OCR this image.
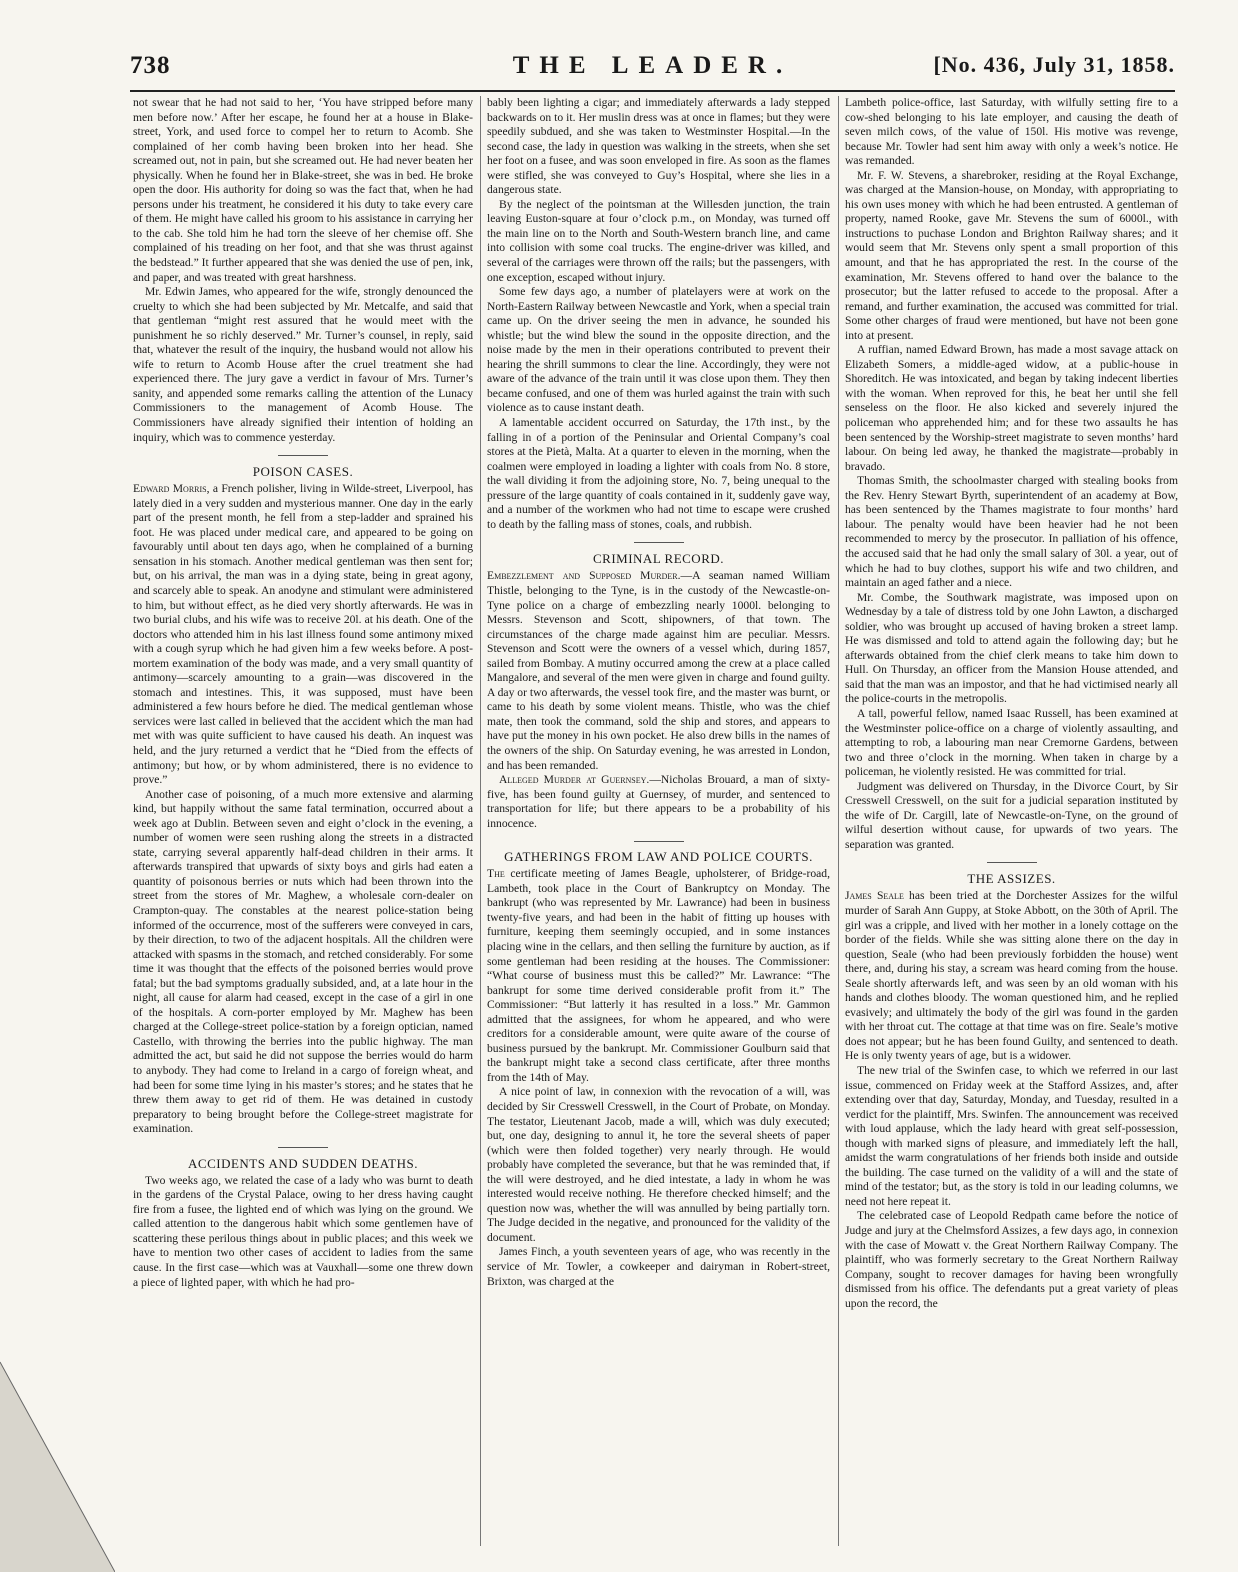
738	THE LEADER.	[No. 436, July 31, 1858.

not swear that he had not said to her, ‘You have stripped before many men before now.’ After her escape, he found her at a house in Blake-street, York, and used force to compel her to return to Acomb. She complained of her comb having been broken into her head. She screamed out, not in pain, but she screamed out. He had never beaten her physically. When he found her in Blake-street, she was in bed. He broke open the door. His authority for doing so was the fact that, when he had persons under his treatment, he considered it his duty to take every care of them. He might have called his groom to his assistance in carrying her to the cab. She told him he had torn the sleeve of her chemise off. She complained of his treading on her foot, and that she was thrust against the bedstead.” It further appeared that she was denied the use of pen, ink, and paper, and was treated with great harshness.

Mr. Edwin James, who appeared for the wife, strongly denounced the cruelty to which she had been subjected by Mr. Metcalfe, and said that that gentleman “might rest assured that he would meet with the punishment he so richly deserved.” Mr. Turner’s counsel, in reply, said that, whatever the result of the inquiry, the husband would not allow his wife to return to Acomb House after the cruel treatment she had experienced there. The jury gave a verdict in favour of Mrs. Turner’s sanity, and appended some remarks calling the attention of the Lunacy Commissioners to the management of Acomb House. The Commissioners have already signified their intention of holding an inquiry, which was to commence yesterday.

POISON CASES.

Edward Morris, a French polisher, living in Wilde-street, Liverpool, has lately died in a very sudden and mysterious manner. One day in the early part of the present month, he fell from a step-ladder and sprained his foot. He was placed under medical care, and appeared to be going on favourably until about ten days ago, when he complained of a burning sensation in his stomach. Another medical gentleman was then sent for; but, on his arrival, the man was in a dying state, being in great agony, and scarcely able to speak. An anodyne and stimulant were administered to him, but without effect, as he died very shortly afterwards. He was in two burial clubs, and his wife was to receive 20l. at his death. One of the doctors who attended him in his last illness found some antimony mixed with a cough syrup which he had given him a few weeks before. A post-mortem examination of the body was made, and a very small quantity of antimony—scarcely amounting to a grain—was discovered in the stomach and intestines. This, it was supposed, must have been administered a few hours before he died. The medical gentleman whose services were last called in believed that the accident which the man had met with was quite sufficient to have caused his death. An inquest was held, and the jury returned a verdict that he “Died from the effects of antimony; but how, or by whom administered, there is no evidence to prove.”

Another case of poisoning, of a much more extensive and alarming kind, but happily without the same fatal termination, occurred about a week ago at Dublin. Between seven and eight o’clock in the evening, a number of women were seen rushing along the streets in a distracted state, carrying several apparently half-dead children in their arms. It afterwards transpired that upwards of sixty boys and girls had eaten a quantity of poisonous berries or nuts which had been thrown into the street from the stores of Mr. Maghew, a wholesale corn-dealer on Crampton-quay. The constables at the nearest police-station being informed of the occurrence, most of the sufferers were conveyed in cars, by their direction, to two of the adjacent hospitals. All the children were attacked with spasms in the stomach, and retched considerably. For some time it was thought that the effects of the poisoned berries would prove fatal; but the bad symptoms gradually subsided, and, at a late hour in the night, all cause for alarm had ceased, except in the case of a girl in one of the hospitals. A corn-porter employed by Mr. Maghew has been charged at the College-street police-station by a foreign optician, named Castello, with throwing the berries into the public highway. The man admitted the act, but said he did not suppose the berries would do harm to anybody. They had come to Ireland in a cargo of foreign wheat, and had been for some time lying in his master’s stores; and he states that he threw them away to get rid of them. He was detained in custody preparatory to being brought before the College-street magistrate for examination.

ACCIDENTS AND SUDDEN DEATHS.

Two weeks ago, we related the case of a lady who was burnt to death in the gardens of the Crystal Palace, owing to her dress having caught fire from a fusee, the lighted end of which was lying on the ground. We called attention to the dangerous habit which some gentlemen have of scattering these perilous things about in public places; and this week we have to mention two other cases of accident to ladies from the same cause. In the first case—which was at Vauxhall—some one threw down a piece of lighted paper, with which he had pro-

bably been lighting a cigar; and immediately afterwards a lady stepped backwards on to it. Her muslin dress was at once in flames; but they were speedily subdued, and she was taken to Westminster Hospital.—In the second case, the lady in question was walking in the streets, when she set her foot on a fusee, and was soon enveloped in fire. As soon as the flames were stifled, she was conveyed to Guy’s Hospital, where she lies in a dangerous state.

By the neglect of the pointsman at the Willesden junction, the train leaving Euston-square at four o’clock p.m., on Monday, was turned off the main line on to the North and South-Western branch line, and came into collision with some coal trucks. The engine-driver was killed, and several of the carriages were thrown off the rails; but the passengers, with one exception, escaped without injury.

Some few days ago, a number of platelayers were at work on the North-Eastern Railway between Newcastle and York, when a special train came up. On the driver seeing the men in advance, he sounded his whistle; but the wind blew the sound in the opposite direction, and the noise made by the men in their operations contributed to prevent their hearing the shrill summons to clear the line. Accordingly, they were not aware of the advance of the train until it was close upon them. They then became confused, and one of them was hurled against the train with such violence as to cause instant death.

A lamentable accident occurred on Saturday, the 17th inst., by the falling in of a portion of the Peninsular and Oriental Company’s coal stores at the Pietà, Malta. At a quarter to eleven in the morning, when the coalmen were employed in loading a lighter with coals from No. 8 store, the wall dividing it from the adjoining store, No. 7, being unequal to the pressure of the large quantity of coals contained in it, suddenly gave way, and a number of the workmen who had not time to escape were crushed to death by the falling mass of stones, coals, and rubbish.

CRIMINAL RECORD.

Embezzlement and Supposed Murder.—A seaman named William Thistle, belonging to the Tyne, is in the custody of the Newcastle-on-Tyne police on a charge of embezzling nearly 1000l. belonging to Messrs. Stevenson and Scott, shipowners, of that town. The circumstances of the charge made against him are peculiar. Messrs. Stevenson and Scott were the owners of a vessel which, during 1857, sailed from Bombay. A mutiny occurred among the crew at a place called Mangalore, and several of the men were given in charge and found guilty. A day or two afterwards, the vessel took fire, and the master was burnt, or came to his death by some violent means. Thistle, who was the chief mate, then took the command, sold the ship and stores, and appears to have put the money in his own pocket. He also drew bills in the names of the owners of the ship. On Saturday evening, he was arrested in London, and has been remanded.

Alleged Murder at Guernsey.—Nicholas Brouard, a man of sixty-five, has been found guilty at Guernsey, of murder, and sentenced to transportation for life; but there appears to be a probability of his innocence.

GATHERINGS FROM LAW AND POLICE COURTS.

The certificate meeting of James Beagle, upholsterer, of Bridge-road, Lambeth, took place in the Court of Bankruptcy on Monday. The bankrupt (who was represented by Mr. Lawrance) had been in business twenty-five years, and had been in the habit of fitting up houses with furniture, keeping them seemingly occupied, and in some instances placing wine in the cellars, and then selling the furniture by auction, as if some gentleman had been residing at the houses. The Commissioner: “What course of business must this be called?” Mr. Lawrance: “The bankrupt for some time derived considerable profit from it.” The Commissioner: “But latterly it has resulted in a loss.” Mr. Gammon admitted that the assignees, for whom he appeared, and who were creditors for a considerable amount, were quite aware of the course of business pursued by the bankrupt. Mr. Commissioner Goulburn said that the bankrupt might take a second class certificate, after three months from the 14th of May.

A nice point of law, in connexion with the revocation of a will, was decided by Sir Cresswell Cresswell, in the Court of Probate, on Monday. The testator, Lieutenant Jacob, made a will, which was duly executed; but, one day, designing to annul it, he tore the several sheets of paper (which were then folded together) very nearly through. He would probably have completed the severance, but that he was reminded that, if the will were destroyed, and he died intestate, a lady in whom he was interested would receive nothing. He therefore checked himself; and the question now was, whether the will was annulled by being partially torn. The Judge decided in the negative, and pronounced for the validity of the document.

James Finch, a youth seventeen years of age, who was recently in the service of Mr. Towler, a cowkeeper and dairyman in Robert-street, Brixton, was charged at the

Lambeth police-office, last Saturday, with wilfully setting fire to a cow-shed belonging to his late employer, and causing the death of seven milch cows, of the value of 150l. His motive was revenge, because Mr. Towler had sent him away with only a week’s notice. He was remanded.

Mr. F. W. Stevens, a sharebroker, residing at the Royal Exchange, was charged at the Mansion-house, on Monday, with appropriating to his own uses money with which he had been entrusted. A gentleman of property, named Rooke, gave Mr. Stevens the sum of 6000l., with instructions to puchase London and Brighton Railway shares; and it would seem that Mr. Stevens only spent a small proportion of this amount, and that he has appropriated the rest. In the course of the examination, Mr. Stevens offered to hand over the balance to the prosecutor; but the latter refused to accede to the proposal. After a remand, and further examination, the accused was committed for trial. Some other charges of fraud were mentioned, but have not been gone into at present.

A ruffian, named Edward Brown, has made a most savage attack on Elizabeth Somers, a middle-aged widow, at a public-house in Shoreditch. He was intoxicated, and began by taking indecent liberties with the woman. When reproved for this, he beat her until she fell senseless on the floor. He also kicked and severely injured the policeman who apprehended him; and for these two assaults he has been sentenced by the Worship-street magistrate to seven months’ hard labour. On being led away, he thanked the magistrate—probably in bravado.

Thomas Smith, the schoolmaster charged with stealing books from the Rev. Henry Stewart Byrth, superintendent of an academy at Bow, has been sentenced by the Thames magistrate to four months’ hard labour. The penalty would have been heavier had he not been recommended to mercy by the prosecutor. In palliation of his offence, the accused said that he had only the small salary of 30l. a year, out of which he had to buy clothes, support his wife and two children, and maintain an aged father and a niece.

Mr. Combe, the Southwark magistrate, was imposed upon on Wednesday by a tale of distress told by one John Lawton, a discharged soldier, who was brought up accused of having broken a street lamp. He was dismissed and told to attend again the following day; but he afterwards obtained from the chief clerk means to take him down to Hull. On Thursday, an officer from the Mansion House attended, and said that the man was an impostor, and that he had victimised nearly all the police-courts in the metropolis.

A tall, powerful fellow, named Isaac Russell, has been examined at the Westminster police-office on a charge of violently assaulting, and attempting to rob, a labouring man near Cremorne Gardens, between two and three o’clock in the morning. When taken in charge by a policeman, he violently resisted. He was committed for trial.

Judgment was delivered on Thursday, in the Divorce Court, by Sir Cresswell Cresswell, on the suit for a judicial separation instituted by the wife of Dr. Cargill, late of Newcastle-on-Tyne, on the ground of wilful desertion without cause, for upwards of two years. The separation was granted.

THE ASSIZES.

James Seale has been tried at the Dorchester Assizes for the wilful murder of Sarah Ann Guppy, at Stoke Abbott, on the 30th of April. The girl was a cripple, and lived with her mother in a lonely cottage on the border of the fields. While she was sitting alone there on the day in question, Seale (who had been previously forbidden the house) went there, and, during his stay, a scream was heard coming from the house. Seale shortly afterwards left, and was seen by an old woman with his hands and clothes bloody. The woman questioned him, and he replied evasively; and ultimately the body of the girl was found in the garden with her throat cut. The cottage at that time was on fire. Seale’s motive does not appear; but he has been found Guilty, and sentenced to death. He is only twenty years of age, but is a widower.

The new trial of the Swinfen case, to which we referred in our last issue, commenced on Friday week at the Stafford Assizes, and, after extending over that day, Saturday, Monday, and Tuesday, resulted in a verdict for the plaintiff, Mrs. Swinfen. The announcement was received with loud applause, which the lady heard with great self-possession, though with marked signs of pleasure, and immediately left the hall, amidst the warm congratulations of her friends both inside and outside the building. The case turned on the validity of a will and the state of mind of the testator; but, as the story is told in our leading columns, we need not here repeat it.

The celebrated case of Leopold Redpath came before the notice of Judge and jury at the Chelmsford Assizes, a few days ago, in connexion with the case of Mowatt v. the Great Northern Railway Company. The plaintiff, who was formerly secretary to the Great Northern Railway Company, sought to recover damages for having been wrongfully dismissed from his office. The defendants put a great variety of pleas upon the record, the
